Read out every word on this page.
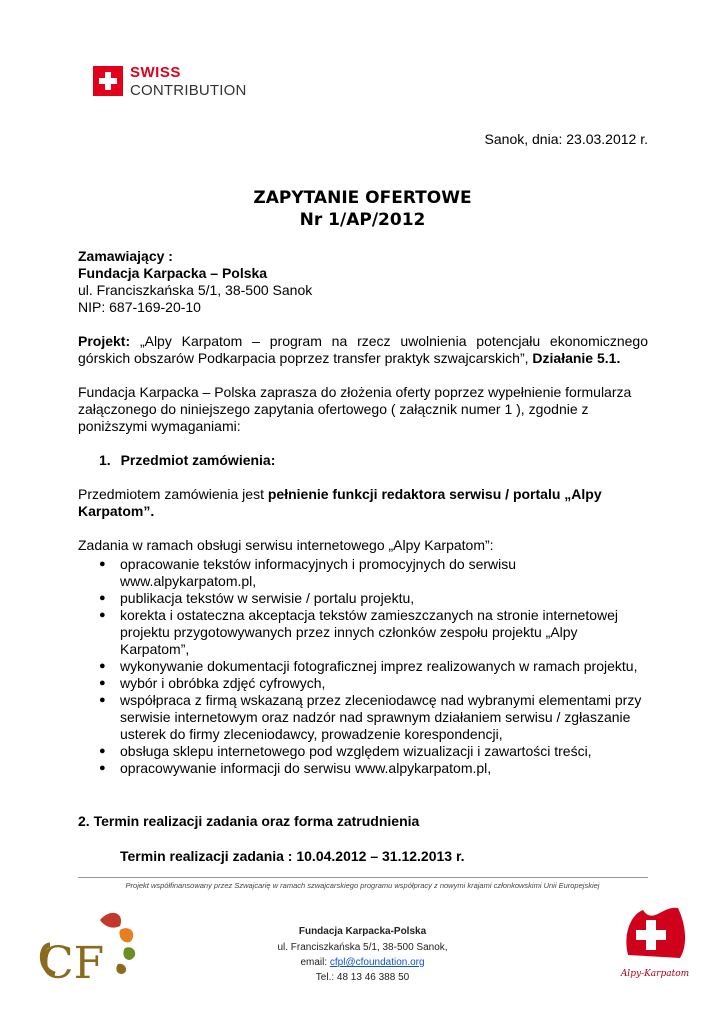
SWISS
CONTRIBUTION
Sanok, dnia: 23.03.2012 r.
ZAPYTANIE OFERTOWE
Nr 1/AP/2012
Zamawiający :
Fundacja Karpacka – Polska
ul. Franciszkańska 5/1, 38-500 Sanok
NIP: 687-169-20-10
Projekt: „Alpy Karpatom – program na rzecz uwolnienia potencjału ekonomicznego górskich obszarów Podkarpacia poprzez transfer praktyk szwajcarskich”, Działanie 5.1.
Fundacja Karpacka – Polska zaprasza do złożenia oferty poprzez wypełnienie formularza załączonego do niniejszego zapytania ofertowego ( załącznik numer 1 ), zgodnie z poniższymi wymaganiami:
1. Przedmiot zamówienia:
Przedmiotem zamówienia jest pełnienie funkcji redaktora serwisu / portalu „Alpy Karpatom”.
Zadania w ramach obsługi serwisu internetowego „Alpy Karpatom”:
● opracowanie tekstów informacyjnych i promocyjnych do serwisu www.alpykarpatom.pl,
● publikacja tekstów w serwisie / portalu projektu,
● korekta i ostateczna akceptacja tekstów zamieszczanych na stronie internetowej projektu przygotowywanych przez innych członków zespołu projektu „Alpy Karpatom”,
● wykonywanie dokumentacji fotograficznej imprez realizowanych w ramach projektu,
● wybór i obróbka zdjęć cyfrowych,
● współpraca z firmą wskazaną przez zleceniodawcę nad wybranymi elementami przy serwisie internetowym oraz nadzór nad sprawnym działaniem serwisu / zgłaszanie usterek do firmy zleceniodawcy, prowadzenie korespondencji,
● obsługa sklepu internetowego pod względem wizualizacji i zawartości treści,
● opracowywanie informacji do serwisu www.alpykarpatom.pl,
2. Termin realizacji zadania oraz forma zatrudnienia
Termin realizacji zadania : 10.04.2012 – 31.12.2013 r.
Projekt współfinansowany przez Szwajcarię w ramach szwajcarskiego programu współpracy z nowymi krajami członkowskimi Unii Europejskiej
CF
Fundacja Karpacka-Polska
ul. Franciszkańska 5/1, 38-500 Sanok,
email: cfpl@cfoundation.org
Tel.: 48 13 46 388 50	Alpy-Karpatom
